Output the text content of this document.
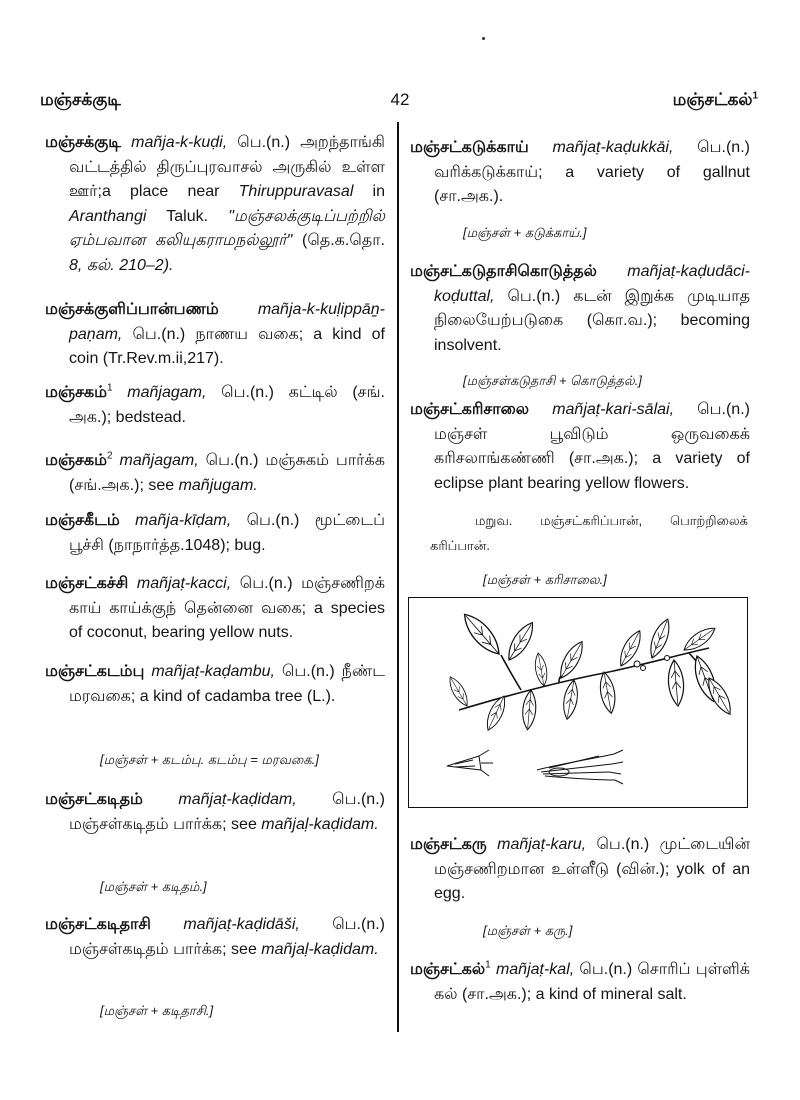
மஞ்சக்குடி	42	மஞ்சட்கல்$^1$
மஞ்சக்குடி mañja-k-kuḍi, பெ.(n.) அறந்தாங்கி வட்டத்தில் திருப்புரவாசல் அருகில் உள்ள ஊர்;a place near Thiruppuravasal in Aranthangi Taluk. "மஞ்சலக்குடிப்பற்றில் ஏம்பவான கலியுகராமநல்லூர்" (தெ.க.தொ. 8, கல். 210–2).
மஞ்சக்குளிப்பான்பணம் mañja-k-kuḷippāṉ-paṇam, பெ.(n.) நாணய வகை; a kind of coin (Tr.Rev.m.ii,217).
மஞ்சகம்$^1$ mañjagam, பெ.(n.) கட்டில் (சங். அக.); bedstead.
மஞ்சகம்$^2$ mañjagam, பெ.(n.) மஞ்சுகம் பார்க்க (சங்.அக.); see mañjugam.
மஞ்சகீடம் mañja-kīḍam, பெ.(n.) மூட்டைப் பூச்சி (நாநார்த்த.1048); bug.
மஞ்சட்கச்சி mañjaṭ-kacci, பெ.(n.) மஞ்சணிறக் காய் காய்க்குந் தென்னை வகை; a species of coconut, bearing yellow nuts.
மஞ்சட்கடம்பு mañjaṭ-kaḍambu, பெ.(n.) நீண்ட மரவகை; a kind of cadamba tree (L.).
[மஞ்சள் + கடம்பு. கடம்பு = மரவகை.]
மஞ்சட்கடிதம் mañjaṭ-kaḍidam, பெ.(n.) மஞ்சள்கடிதம் பார்க்க; see mañjaḷ-kaḍidam.
[மஞ்சள் + கடிதம்.]
மஞ்சட்கடிதாசி mañjaṭ-kaḍidāši, பெ.(n.) மஞ்சள்கடிதம் பார்க்க; see mañjaḷ-kaḍidam.
[மஞ்சள் + கடிதாசி.]
மஞ்சட்கடுக்காய் mañjaṭ-kaḍukkāi, பெ.(n.) வரிக்கடுக்காய்; a variety of gallnut (சா.அக.).
[மஞ்சள் + கடுக்காய்.]
மஞ்சட்கடுதாசிகொடுத்தல் mañjaṭ-kaḍudāci-koḍuttal, பெ.(n.) கடன் இறுக்க முடியாத நிலையேற்படுகை (கொ.வ.); becoming insolvent.
[மஞ்சள்கடுதாசி + கொடுத்தல்.]
மஞ்சட்கரிசாலை mañjaṭ-kari-sālai, பெ.(n.) மஞ்சள் பூவிடும் ஒருவகைக் கரிசலாங்கண்ணி (சா.அக.); a variety of eclipse plant bearing yellow flowers.
மறுவ. மஞ்சட்கரிப்பான், பொற்றிலைக் கரிப்பான்.
[மஞ்சள் + கரிசாலை.]
மஞ்சட்கரு mañjaṭ-karu, பெ.(n.) முட்டையின் மஞ்சணிறமான உள்ளீடு (வின்.); yolk of an egg.
[மஞ்சள் + கரு.]
மஞ்சட்கல்$^1$ mañjaṭ-kal, பெ.(n.) சொரிப் புள்ளிக் கல் (சா.அக.); a kind of mineral salt.
